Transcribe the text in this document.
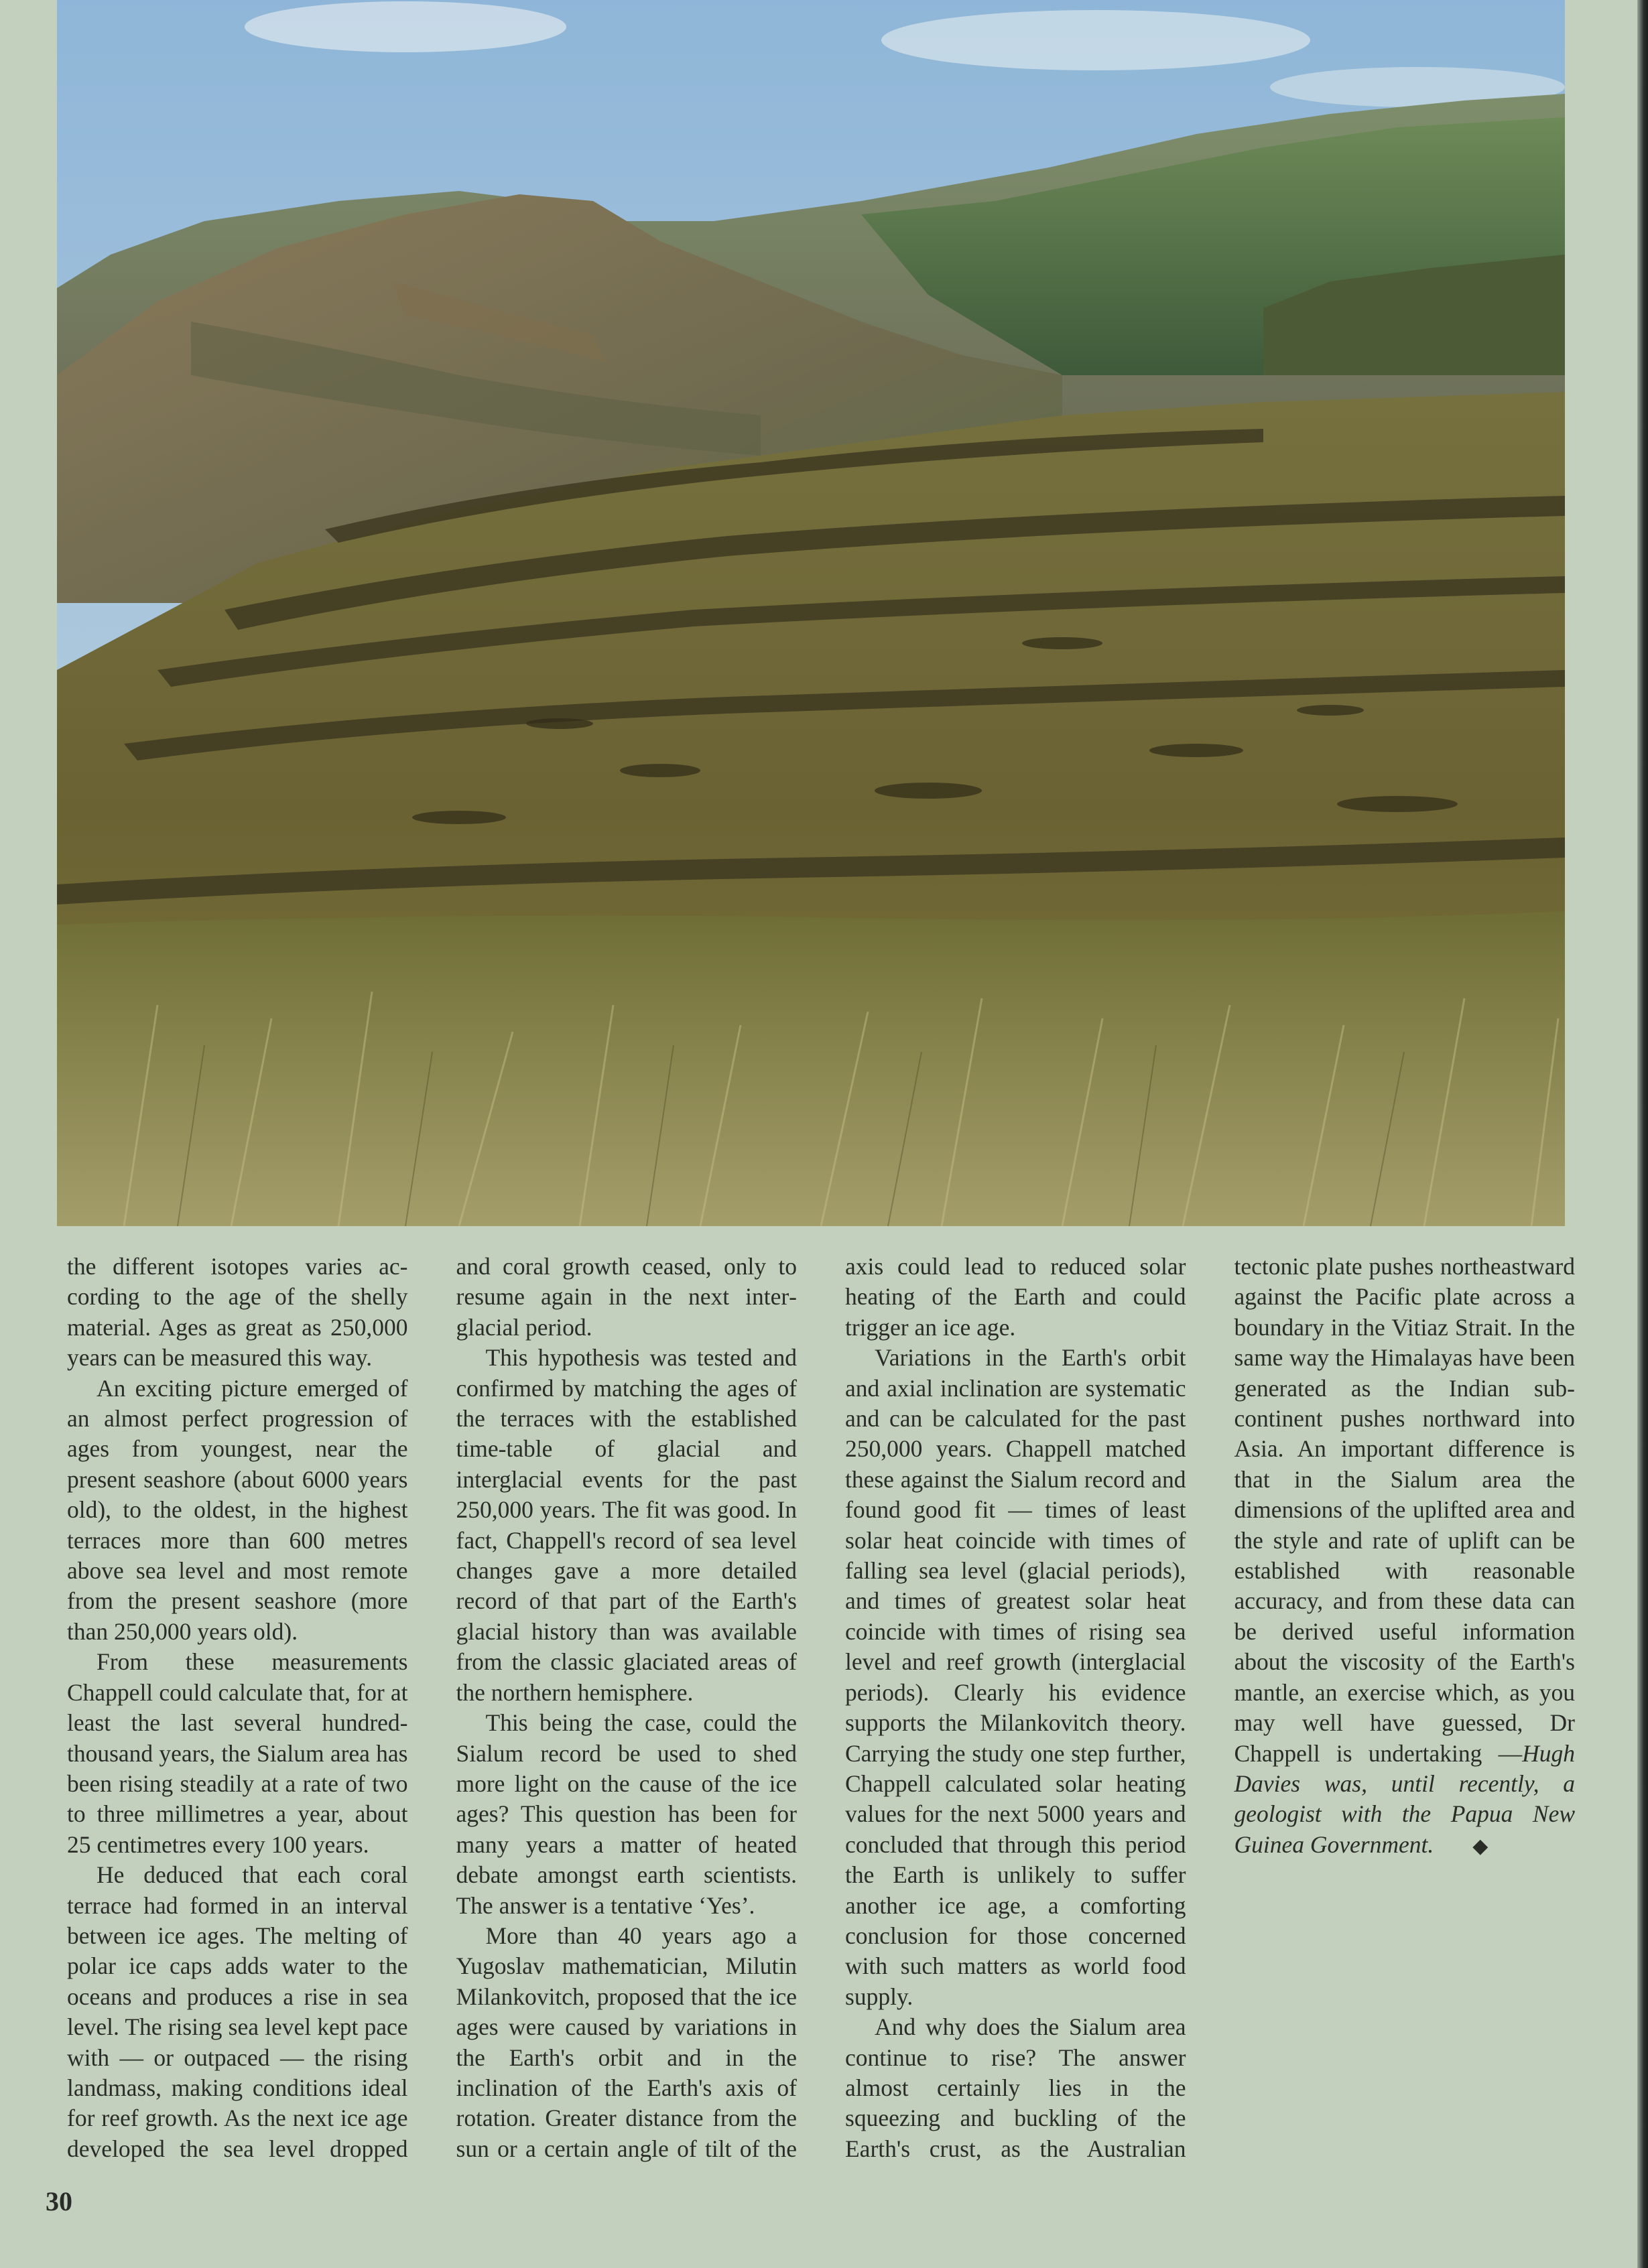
the different isotopes varies according to the age of the shelly material. Ages as great as 250,000 years can be measured this way.

An exciting picture emerged of an almost perfect progression of ages from youngest, near the present seashore (about 6000 years old), to the oldest, in the highest terraces more than 600 metres above sea level and most remote from the present seashore (more than 250,000 years old).

From these measurements Chappell could calculate that, for at least the last several hundred-thousand years, the Sialum area has been rising steadily at a rate of two to three millimetres a year, about 25 centimetres every 100 years.

He deduced that each coral terrace had formed in an interval between ice ages. The melting of polar ice caps adds water to the oceans and produces a rise in sea level. The rising sea level kept pace with — or outpaced — the rising landmass, making conditions ideal for reef growth. As the next ice age developed the sea level dropped and coral growth ceased, only to resume again in the next interglacial period.

This hypothesis was tested and confirmed by matching the ages of the terraces with the established time-table of glacial and interglacial events for the past 250,000 years. The fit was good. In fact, Chappell's record of sea level changes gave a more detailed record of that part of the Earth's glacial history than was available from the classic glaciated areas of the northern hemisphere.

This being the case, could the Sialum record be used to shed more light on the cause of the ice ages? This question has been for many years a matter of heated debate amongst earth scientists. The answer is a tentative ‘Yes’.

More than 40 years ago a Yugoslav mathematician, Milutin Milankovitch, proposed that the ice ages were caused by variations in the Earth's orbit and in the inclination of the Earth's axis of rotation. Greater distance from the sun or a certain angle of tilt of the axis could lead to reduced solar heating of the Earth and could trigger an ice age.

Variations in the Earth's orbit and axial inclination are systematic and can be calculated for the past 250,000 years. Chappell matched these against the Sialum record and found good fit — times of least solar heat coincide with times of falling sea level (glacial periods), and times of greatest solar heat coincide with times of rising sea level and reef growth (interglacial periods). Clearly his evidence supports the Milankovitch theory. Carrying the study one step further, Chappell calculated solar heating values for the next 5000 years and concluded that through this period the Earth is unlikely to suffer another ice age, a comforting conclusion for those concerned with such matters as world food supply.

And why does the Sialum area continue to rise? The answer almost certainly lies in the squeezing and buckling of the Earth's crust, as the Australian tectonic plate pushes northeastward against the Pacific plate across a boundary in the Vitiaz Strait. In the same way the Himalayas have been generated as the Indian sub-continent pushes northward into Asia. An important difference is that in the Sialum area the dimensions of the uplifted area and the style and rate of uplift can be established with reasonable accuracy, and from these data can be derived useful information about the viscosity of the Earth's mantle, an exercise which, as you may well have guessed, Dr Chappell is undertaking —Hugh Davies was, until recently, a geologist with the Papua New Guinea Government. ◆

30
